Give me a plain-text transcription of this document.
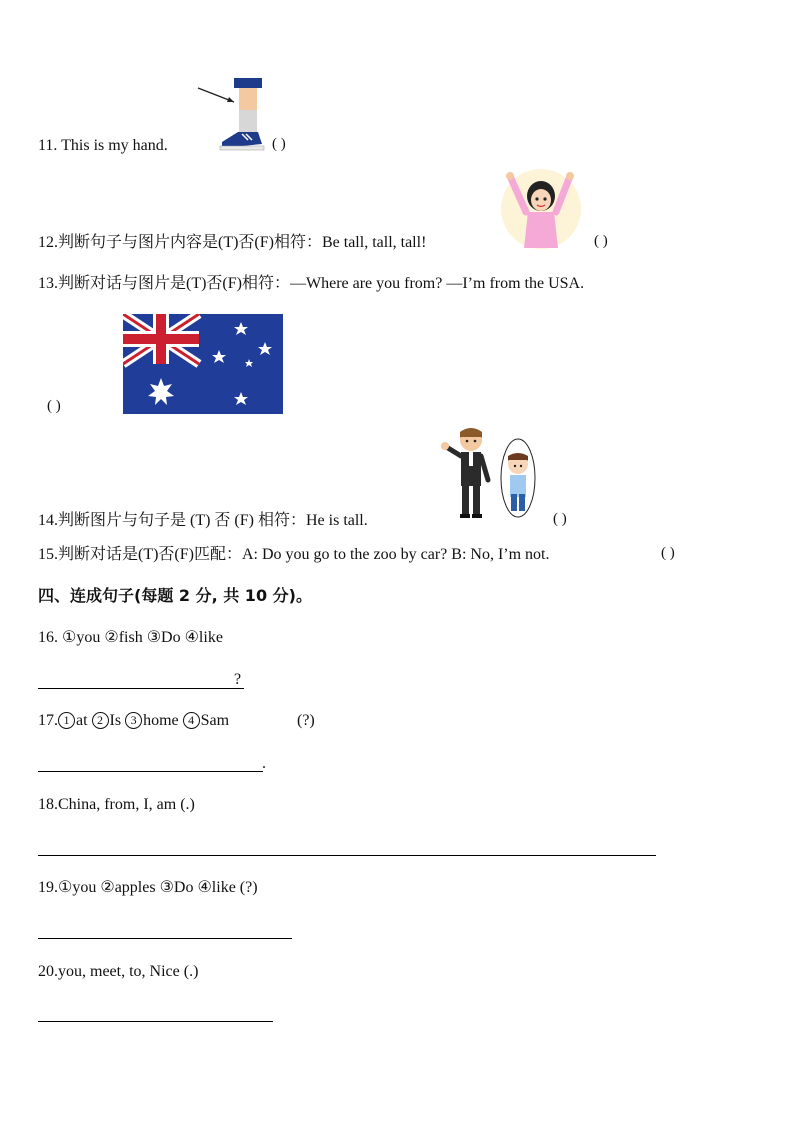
11. This is my hand.	( )
12.判断句子与图片内容是(T)否(F)相符：Be tall, tall, tall!	( )
13.判断对话与图片是(T)否(F)相符：—Where are you from? —I’m from the USA.
( )
14.判断图片与句子是 (T) 否 (F) 相符：He is tall.	( )
15.判断对话是(T)否(F)匹配：A: Do you go to the zoo by car? B: No, I’m not.	( )
四、连成句子(每题 2 分, 共 10 分)。
16. ①you ②fish ③Do ④like
?
17. 1 at 2 Is 3 home 4 Sam	(?)
.
18.China, from, I, am (.)
19.①you ②apples ③Do ④like (?)
20.you, meet, to, Nice (.)
